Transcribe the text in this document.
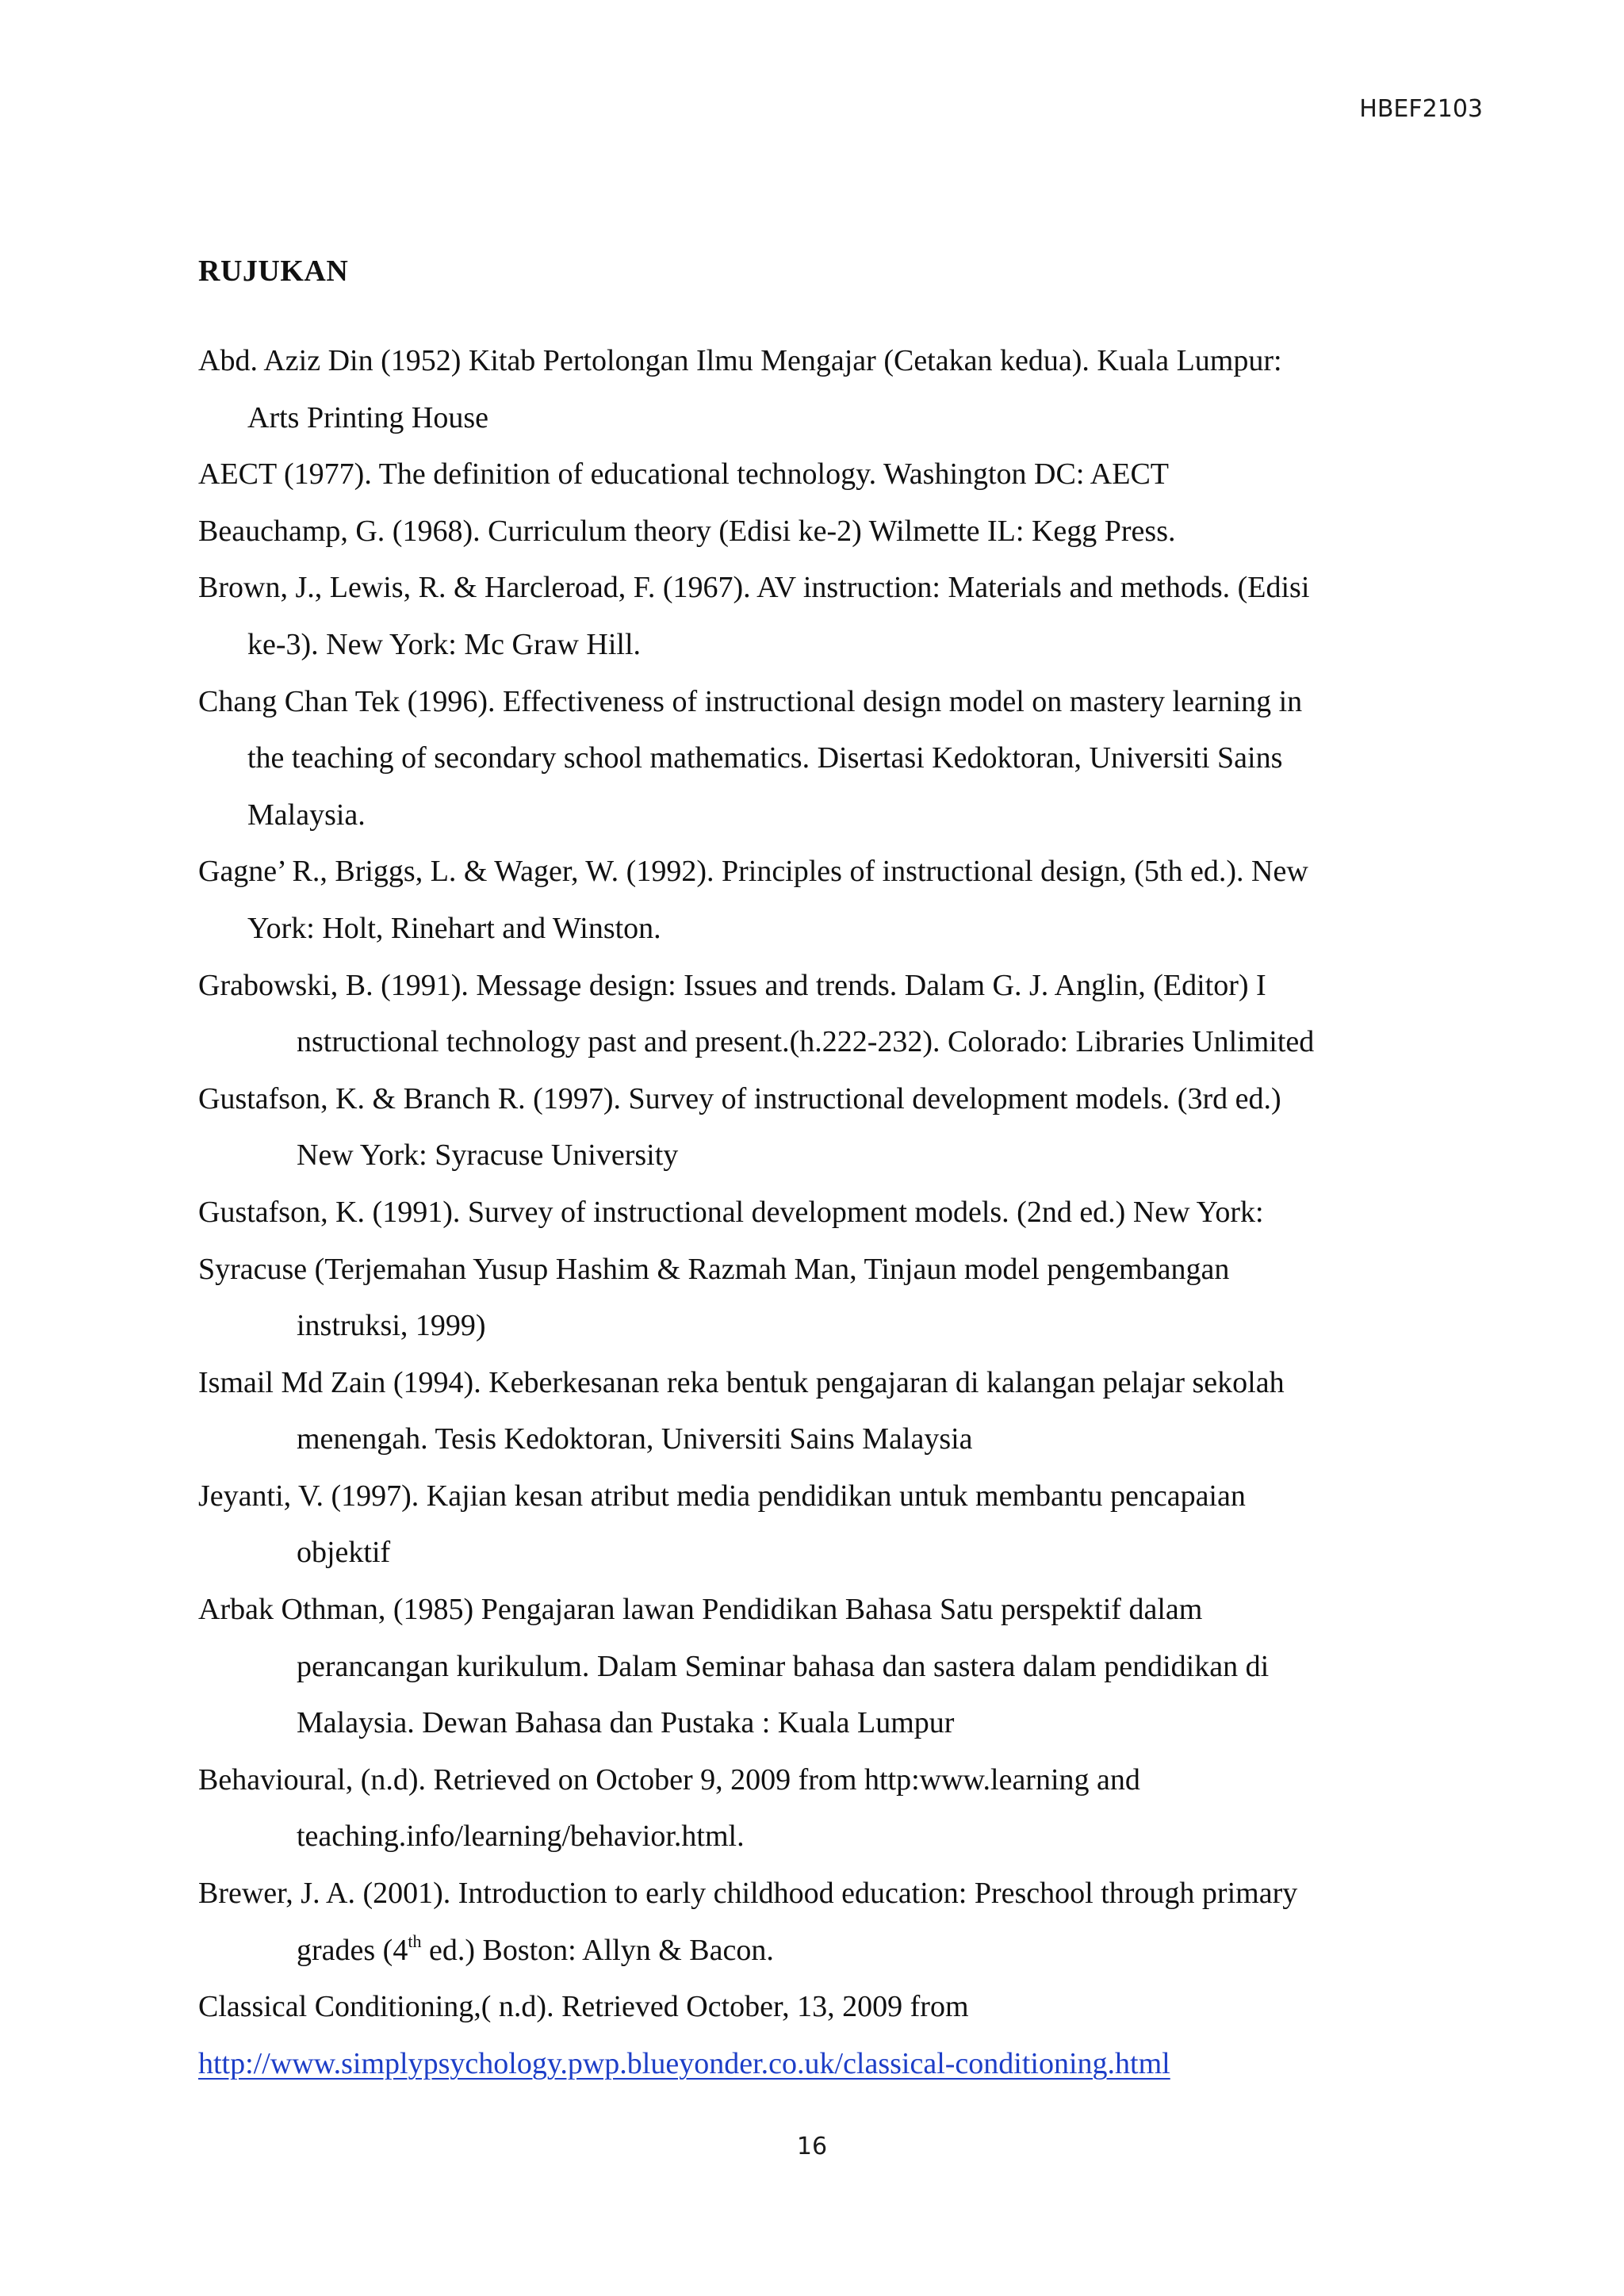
HBEF2103
RUJUKAN
Abd. Aziz Din (1952) Kitab Pertolongan Ilmu Mengajar (Cetakan kedua). Kuala Lumpur:
Arts Printing House
AECT (1977). The definition of educational technology. Washington DC: AECT
Beauchamp, G. (1968). Curriculum theory (Edisi ke-2) Wilmette IL: Kegg Press.
Brown, J., Lewis, R. & Harcleroad, F. (1967). AV instruction: Materials and methods. (Edisi
ke-3). New York: Mc Graw Hill.
Chang Chan Tek (1996). Effectiveness of instructional design model on mastery learning in
the teaching of secondary school mathematics. Disertasi Kedoktoran, Universiti Sains
Malaysia.
Gagne’ R., Briggs, L. & Wager, W. (1992). Principles of instructional design, (5th ed.). New
York: Holt, Rinehart and Winston.
Grabowski, B. (1991). Message design: Issues and trends. Dalam G. J. Anglin, (Editor) I
nstructional technology past and present.(h.222-232). Colorado: Libraries Unlimited
Gustafson, K. & Branch R. (1997). Survey of instructional development models. (3rd ed.)
New York: Syracuse University
Gustafson, K. (1991). Survey of instructional development models. (2nd ed.) New York:
Syracuse (Terjemahan Yusup Hashim & Razmah Man, Tinjaun model pengembangan
instruksi, 1999)
Ismail Md Zain (1994). Keberkesanan reka bentuk pengajaran di kalangan pelajar sekolah
menengah. Tesis Kedoktoran, Universiti Sains Malaysia
Jeyanti, V. (1997). Kajian kesan atribut media pendidikan untuk membantu pencapaian
objektif
Arbak Othman, (1985) Pengajaran lawan Pendidikan Bahasa Satu perspektif dalam
perancangan kurikulum. Dalam Seminar bahasa dan sastera dalam pendidikan di
Malaysia. Dewan Bahasa dan Pustaka : Kuala Lumpur
Behavioural, (n.d). Retrieved on October 9, 2009 from http:www.learning and
teaching.info/learning/behavior.html.
Brewer, J. A. (2001). Introduction to early childhood education: Preschool through primary
grades (4th ed.) Boston: Allyn & Bacon.
Classical Conditioning,( n.d). Retrieved October, 13, 2009 from
http://www.simplypsychology.pwp.blueyonder.co.uk/classical-conditioning.html
16
